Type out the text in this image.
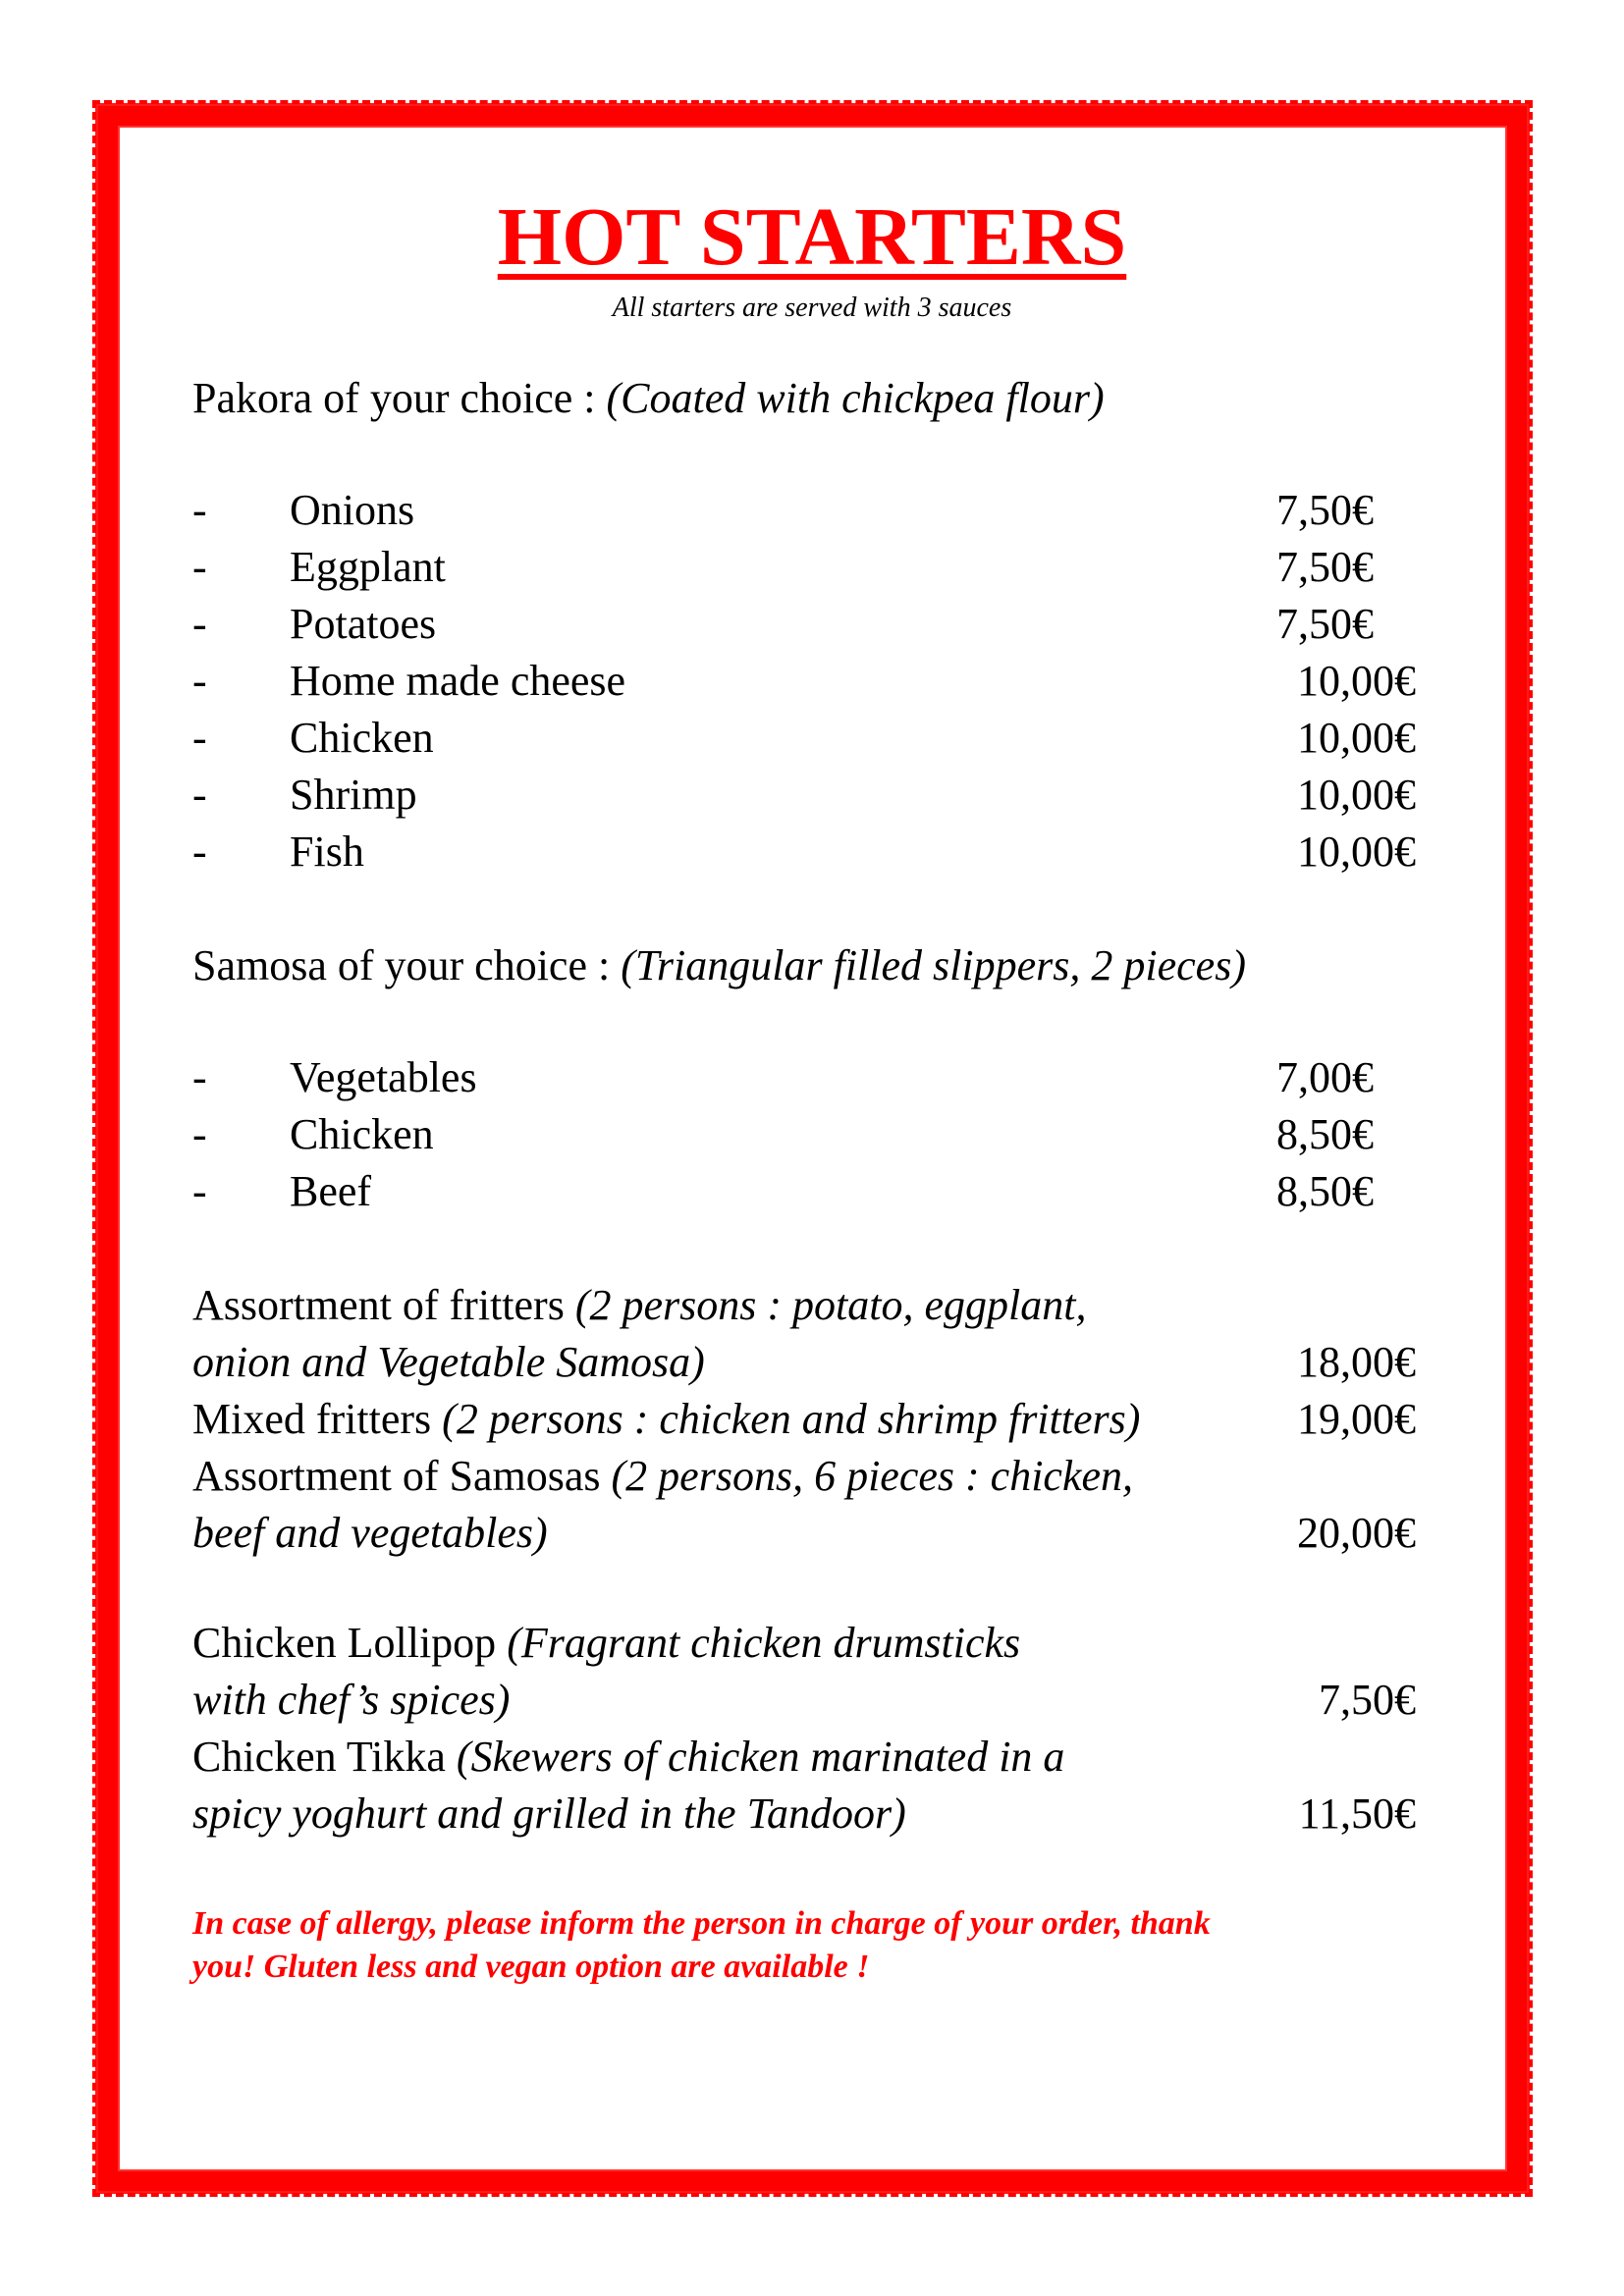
HOT STARTERS
All starters are served with 3 sauces
Pakora of your choice : (Coated with chickpea flour)
- Onions	7,50€
- Eggplant	7,50€
- Potatoes	7,50€
- Home made cheese	10,00€
- Chicken	10,00€
- Shrimp	10,00€
- Fish	10,00€
Samosa of your choice : (Triangular filled slippers, 2 pieces)
- Vegetables	7,00€
- Chicken	8,50€
- Beef	8,50€
Assortment of fritters (2 persons : potato, eggplant,
onion and Vegetable Samosa)	18,00€
Mixed fritters (2 persons : chicken and shrimp fritters)	19,00€
Assortment of Samosas (2 persons, 6 pieces : chicken,
beef and vegetables)	20,00€
Chicken Lollipop (Fragrant chicken drumsticks
with chef’s spices)	7,50€
Chicken Tikka (Skewers of chicken marinated in a
spicy yoghurt and grilled in the Tandoor)	11,50€
In case of allergy, please inform the person in charge of your order, thank
you! Gluten less and vegan option are available !
